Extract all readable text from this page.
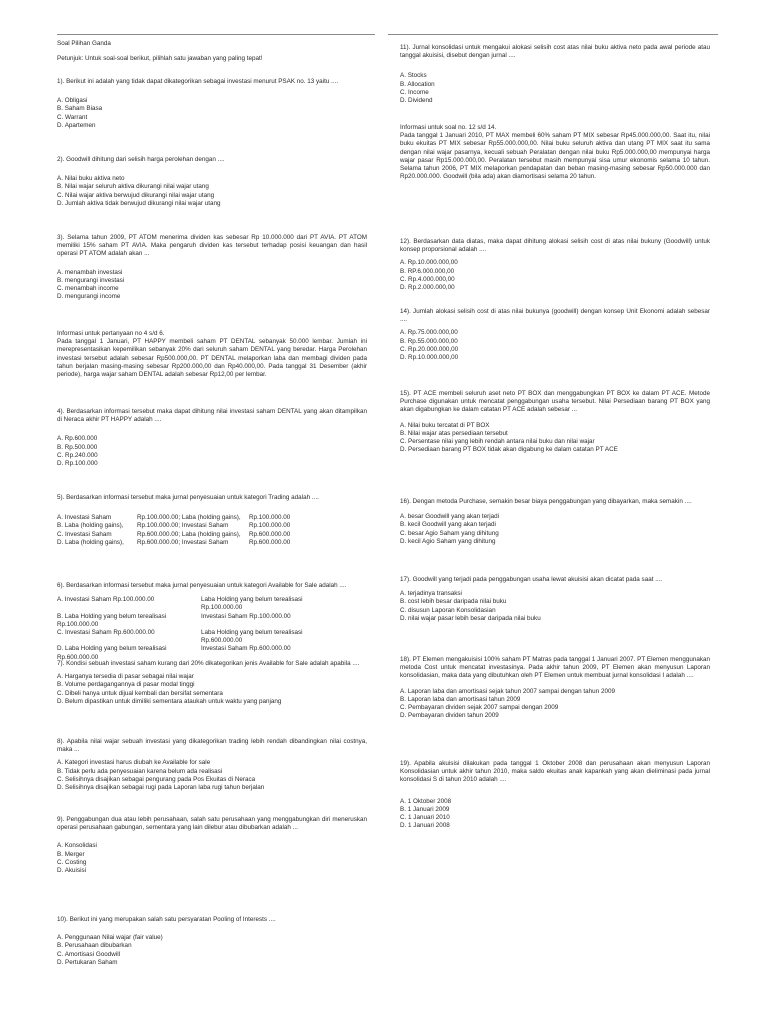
Soal Pilihan Ganda

Petunjuk: Untuk soal-soal berikut, pilihlah satu jawaban yang paling tepat!

1). Berikut ini adalah yang tidak dapat dikategorikan sebagai investasi menurut PSAK no. 13 yaitu ....

A. Obligasi

B. Saham Biasa

C. Warrant

D. Apartemen

2). Goodwill dihitung dari selisih harga perolehan dengan ....

A. Nilai buku aktiva neto

B. Nilai wajar seluruh aktiva dikurangi nilai wajar utang

C. Nilai wajar aktiva berwujud dikurangi nilai wajar utang

D. Jumlah aktiva tidak berwujud dikurangi nilai wajar utang

3). Selama tahun 2009, PT ATOM menerima dividen kas sebesar Rp 10.000.000 dari PT AVIA. PT ATOM memiliki 15% saham PT AVIA. Maka pengaruh dividen kas tersebut terhadap posisi keuangan dan hasil operasi PT ATOM adalah akan ...

A. menambah investasi

B. mengurangi investasi

C. menambah income

D. mengurangi income

Informasi untuk pertanyaan no 4 s/d 6.

Pada tanggal 1 Januari, PT HAPPY membeli saham PT DENTAL sebanyak 50.000 lembar. Jumlah ini merepresentasikan kepemilikan sebanyak 20% dari seluruh saham DENTAL yang beredar. Harga Perolehan investasi tersebut adalah sebesar Rp500.000,00. PT DENTAL melaporkan laba dan membagi dividen pada tahun berjalan masing-masing sebesar Rp200.000,00 dan Rp40.000,00. Pada tanggal 31 Desember (akhir periode), harga wajar saham DENTAL adalah sebesar Rp12,00 per lembar.

4). Berdasarkan informasi tersebut maka dapat dihitung nilai investasi saham DENTAL yang akan ditampilkan di Neraca akhir PT HAPPY adalah ....

A. Rp.600.000

B. Rp.500.000

C. Rp.240.000

D. Rp.100.000

5). Berdasarkan informasi tersebut maka jurnal penyesuaian untuk kategori Trading adalah ....

A. Investasi Saham	Rp.100.000.00; Laba (holding gains),	Rp.100.000.00
B. Laba (holding gains),	Rp.100.000.00; Investasi Saham	Rp.100.000.00
C. Investasi Saham	Rp.600.000.00; Laba (holding gains),	Rp.600.000.00
D. Laba (holding gains),	Rp.600.000.00; Investasi Saham	Rp.600.000.00

6). Berdasarkan informasi tersebut maka jurnal penyesuaian untuk kategori Available for Sale adalah ....

A. Investasi Saham Rp.100.000.00	Laba Holding yang belum terealisasi Rp.100.000.00
B. Laba Holding yang belum terealisasi Rp.100.000.00
Investasi Saham Rp.100.000.00
C. Investasi Saham Rp.600.000.00	Laba Holding yang belum terealisasi Rp.600.000.00
D. Laba Holding yang belum terealisasi Rp.600.000.00
Investasi Saham Rp.600.000.00

7). Kondisi sebuah investasi saham kurang dari 20% dikategorikan jenis Available for Sale adalah apabila ....

A. Harganya tersedia di pasar sebagai nilai wajar

B. Volume perdagangannya di pasar modal tinggi

C. Dibeli hanya untuk dijual kembali dan bersifat sementara

D. Belum dipastikan untuk dimiliki sementara ataukah untuk waktu yang panjang

8). Apabila nilai wajar sebuah investasi yang dikategorikan trading lebih rendah dibandingkan nilai costnya, maka ...

A. Kategori investasi harus diubah ke Available for sale

B. Tidak perlu ada penyesuaian karena belum ada realisasi

C. Selisihnya disajikan sebagai pengurang pada Pos Ekuitas di Neraca

D. Selisihnya disajikan sebagai rugi pada Laporan laba rugi tahun berjalan

9). Penggabungan dua atau lebih perusahaan, salah satu perusahaan yang menggabungkan diri meneruskan operasi perusahaan gabungan, sementara yang lain dilebur atau dibubarkan adalah ...

A. Konsolidasi

B. Merger

C. Costing

D. Akuisisi

10). Berikut ini yang merupakan salah satu persyaratan Pooling of Interests ....

A. Penggunaan Nilai wajar (fair value)

B. Perusahaan dibubarkan

C. Amortisasi Goodwill

D. Pertukaran Saham

11). Jurnal konsolidasi untuk mengakui alokasi selisih cost atas nilai buku aktiva neto pada awal periode atau tanggal akuisisi, disebut dengan jurnal ....

A. Stocks

B. Allocation

C. Income

D. Dividend

Informasi untuk soal no. 12 s/d 14.

Pada tanggal 1 Januari 2010, PT MAX membeli 60% saham PT MIX sebesar Rp45.000.000,00. Saat itu, nilai buku ekuitas PT MIX sebesar Rp55.000.000,00. Nilai buku seluruh aktiva dan utang PT MIX saat itu sama dengan nilai wajar pasarnya, kecuali sebuah Peralatan dengan nilai buku Rp5.000.000,00 mempunyai harga wajar pasar Rp15.000.000,00. Peralatan tersebut masih mempunyai sisa umur ekonomis selama 10 tahun. Selama tahun 2006, PT MIX melaporkan pendapatan dan beban masing-masing sebesar Rp50.000.000 dan Rp20.000.000. Goodwill (bila ada) akan diamortisasi selama 20 tahun.

12). Berdasarkan data diatas, maka dapat dihitung alokasi selisih cost di atas nilai bukuny (Goodwill) untuk konsep proporsional adalah ....

A. Rp.10.000.000,00

B. RP.6.000.000,00

C. Rp.4.000.000,00

D. Rp.2.000.000,00

14). Jumlah alokasi selisih cost di atas nilai bukunya (goodwill) dengan konsep Unit Ekonomi adalah sebesar ....

A. Rp.75.000.000,00

B. Rp.55.000.000,00

C. Rp.20.000.000,00

D. Rp.10.000.000,00

15). PT ACE membeli seluruh aset neto PT BOX dan menggabungkan PT BOX ke dalam PT ACE. Metode Purchase digunakan untuk mencatat penggabungan usaha tersebut. Nilai Persediaan barang PT BOX yang akan digabungkan ke dalam catatan PT ACE adalah sebesar ...

A. Nilai buku tercatat di PT BOX

B. Nilai wajar atas persediaan tersebut

C. Persentase nilai yang lebih rendah antara nilai buku dan nilai wajar

D. Persediaan barang PT BOX tidak akan digabung ke dalam catatan PT ACE

16). Dengan metoda Purchase, semakin besar biaya penggabungan yang dibayarkan, maka semakin ....

A. besar Goodwill yang akan terjadi

B. kecil Goodwill yang akan terjadi

C. besar Agio Saham yang dihitung

D. kecil Agio Saham yang dihitung

17). Goodwill yang terjadi pada penggabungan usaha lewat akuisisi akan dicatat pada saat ....

A. terjadinya transaksi

B. cost lebih besar daripada nilai buku

C. disusun Laporan Konsolidasian

D. nilai wajar pasar lebih besar daripada nilai buku

18). PT Elemen mengakuisisi 100% saham PT Matras pada tanggal 1 Januari 2007. PT Elemen menggunakan metoda Cost untuk mencatat investasinya. Pada akhir tahun 2009, PT Elemen akan menyusun Laporan konsolidasian, maka data yang dibutuhkan oleh PT Elemen untuk membuat jurnal konsolidasi I adalah ....

A. Laporan laba dan amortisasi sejak tahun 2007 sampai dengan tahun 2009

B. Laporan laba dan amortisasi tahun 2009

C. Pembayaran dividen sejak 2007 sampai dengan 2009

D. Pembayaran dividen tahun 2009

19). Apabila akuisisi dilakukan pada tanggal 1 Oktober 2008 dan perusahaan akan menyusun Laporan Konsolidasian untuk akhir tahun 2010, maka saldo ekuitas anak kapankah yang akan dieliminasi pada jurnal konsolidasi S di tahun 2010 adalah ....

A. 1 Oktober 2008

B. 1 Januari 2009

C. 1 Januari 2010

D. 1 Januari 2008
